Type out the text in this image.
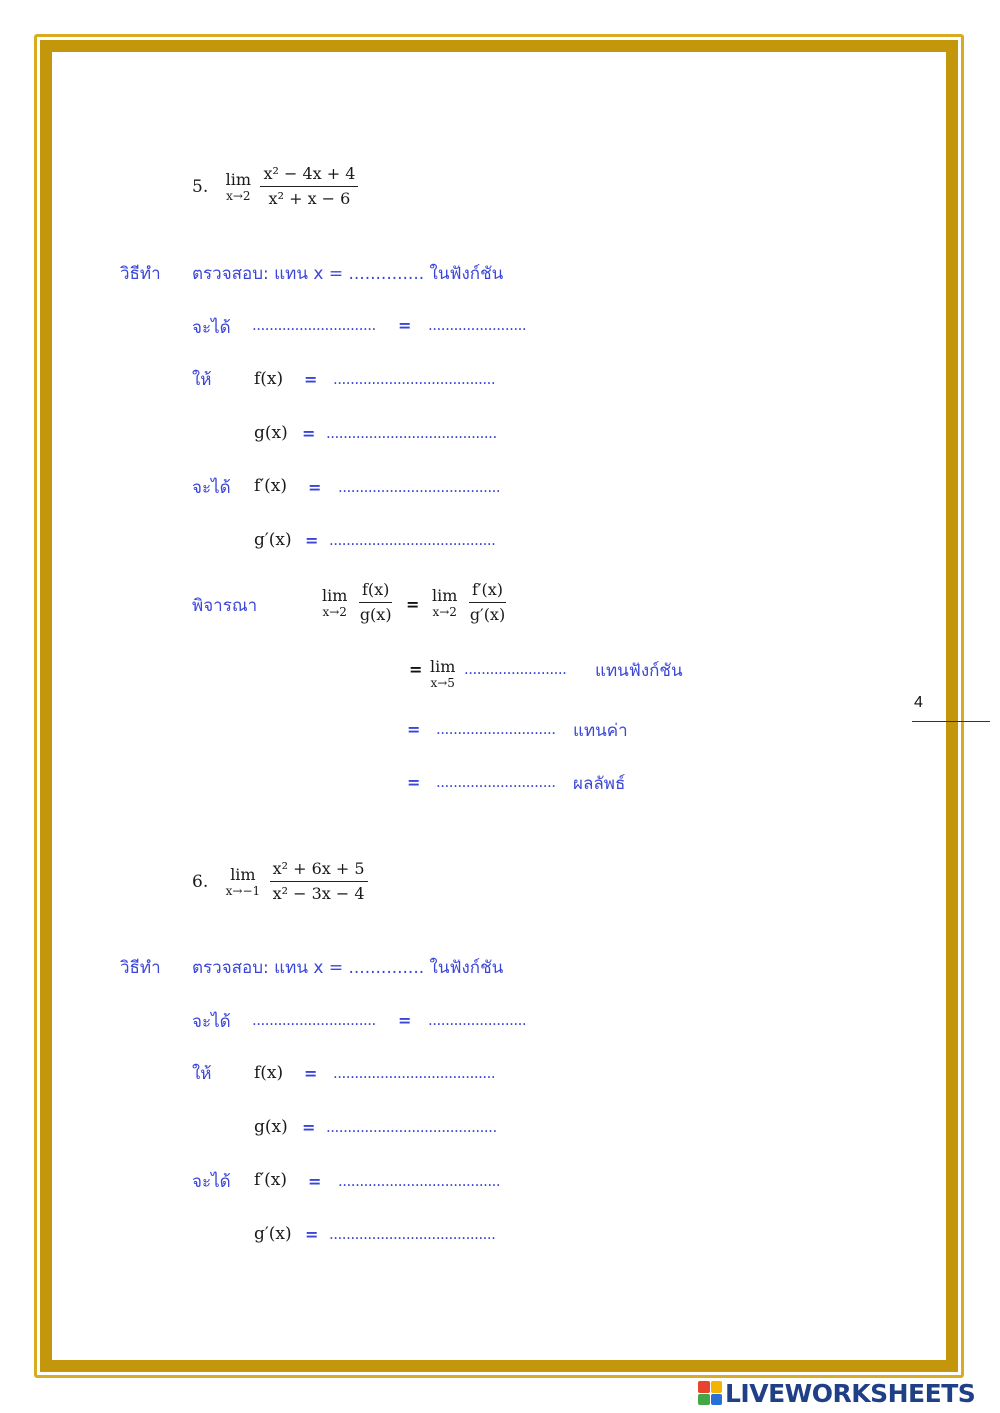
5. lim
x→2
$\frac{\text{x² − 4x + 4}}{\text{x² + x − 6}}$
วิธีทำ ตรวจสอบ: แทน x = .............. ในฟังก์ชัน
จะได้ ............................. = .......................
ให้ f(x) = ......................................
g(x) = ........................................
จะได้ f′(x) = ......................................
g′(x) = .......................................
พิจารณา
lim
x→2
$\frac{f(x)}{g(x)} = \lim$
x→2
$\frac{f'(x)}{g'(x)}$
= lim
x→5
........................ แทนฟังก์ชัน
= ............................ แทนค่า
= ............................ ผลลัพธ์
4
6. lim
x→−1
$\frac{\text{x² + 6x + 5}}{\text{x² − 3x − 4}}$
วิธีทำ ตรวจสอบ: แทน x = .............. ในฟังก์ชัน
จะได้ ............................. = .......................
ให้ f(x) = ......................................
g(x) = ........................................
จะได้ f′(x) = ......................................
g′(x) = .......................................
LIVEWORKSHEETS
